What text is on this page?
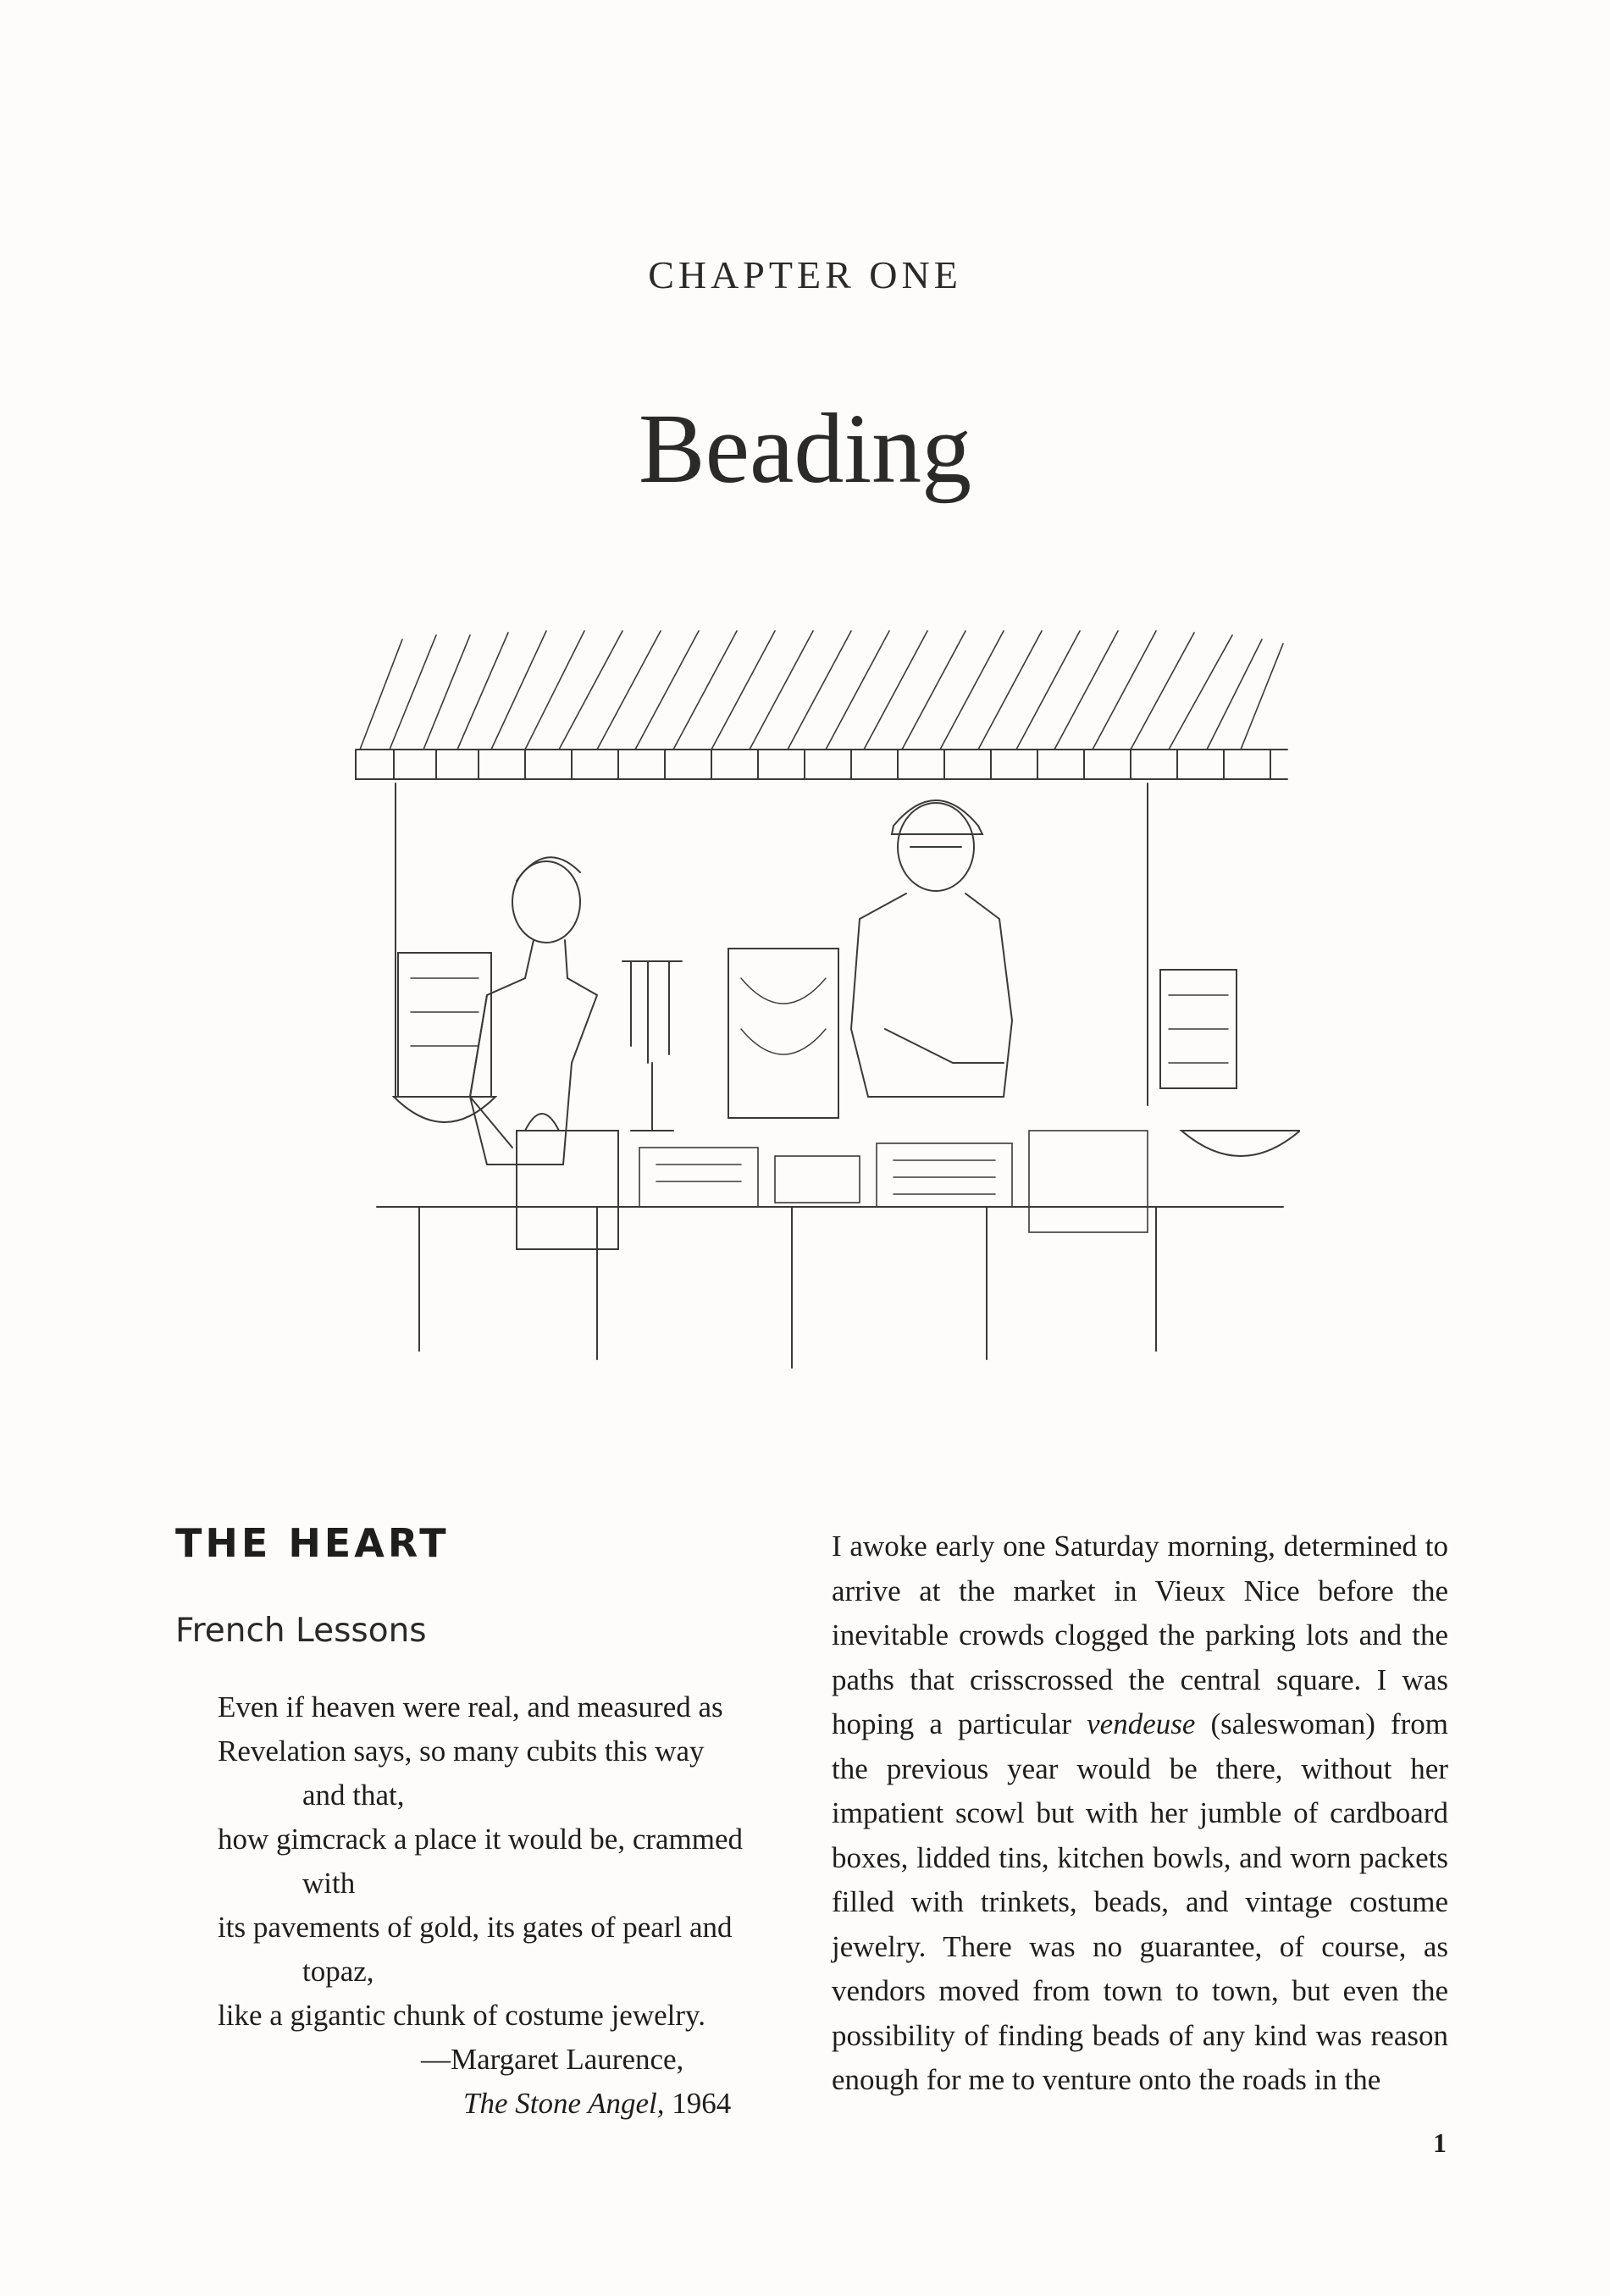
CHAPTER ONE
Beading
THE HEART
French Lessons
Even if heaven were real, and measured as
Revelation says, so many cubits this way
and that,
how gimcrack a place it would be, crammed
with
its pavements of gold, its gates of pearl and
topaz,
like a gigantic chunk of costume jewelry.
—Margaret Laurence,
The Stone Angel, 1964

I awoke early one Saturday morning, determined to arrive at the market in Vieux Nice before the inevitable crowds clogged the parking lots and the paths that crisscrossed the central square. I was hoping a particular vendeuse (saleswoman) from the previous year would be there, without her impatient scowl but with her jumble of cardboard boxes, lidded tins, kitchen bowls, and worn packets filled with trinkets, beads, and vintage costume jewelry. There was no guarantee, of course, as vendors moved from town to town, but even the possibility of finding beads of any kind was reason enough for me to venture onto the roads in the

1
